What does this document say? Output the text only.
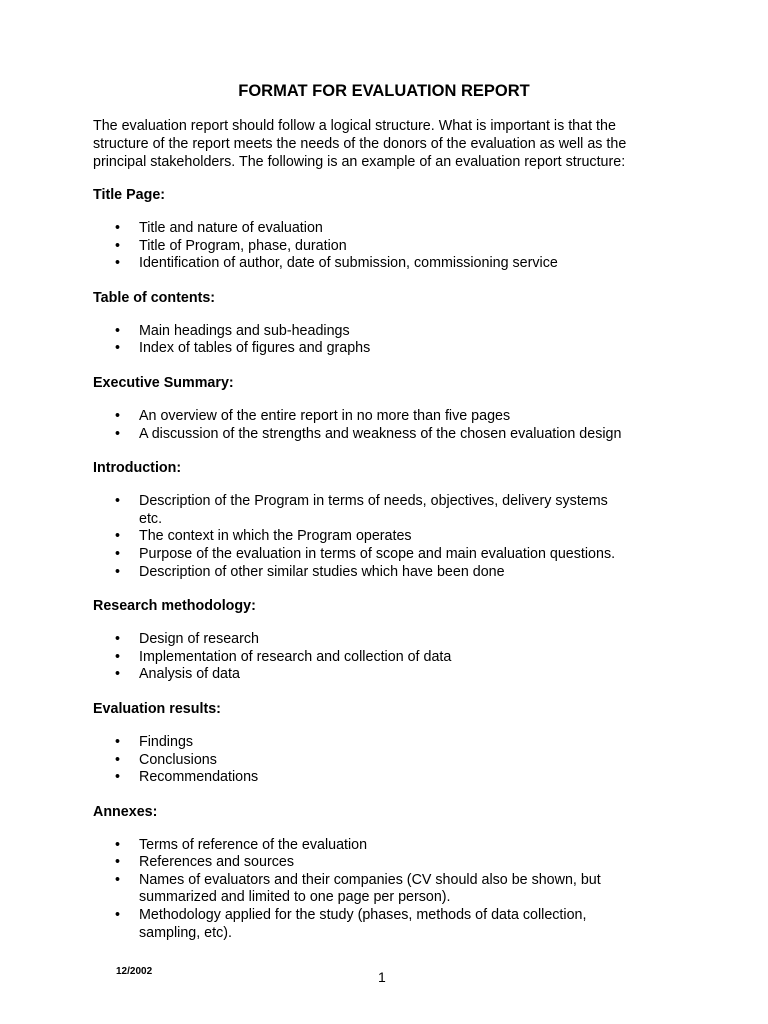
FORMAT FOR EVALUATION REPORT
The evaluation report should follow a logical structure. What is important is that the
structure of the report meets the needs of the donors of the evaluation as well as the
principal stakeholders. The following is an example of an evaluation report structure:
Title Page:
• Title and nature of evaluation
• Title of Program, phase, duration
• Identification of author, date of submission, commissioning service
Table of contents:
• Main headings and sub-headings
• Index of tables of figures and graphs
Executive Summary:
• An overview of the entire report in no more than five pages
• A discussion of the strengths and weakness of the chosen evaluation design
Introduction:
• Description of the Program in terms of needs, objectives, delivery systems
etc.
• The context in which the Program operates
• Purpose of the evaluation in terms of scope and main evaluation questions.
• Description of other similar studies which have been done
Research methodology:
• Design of research
• Implementation of research and collection of data
• Analysis of data
Evaluation results:
• Findings
• Conclusions
• Recommendations
Annexes:
• Terms of reference of the evaluation
• References and sources
• Names of evaluators and their companies (CV should also be shown, but
summarized and limited to one page per person).
• Methodology applied for the study (phases, methods of data collection,
sampling, etc).
12/2002	1
